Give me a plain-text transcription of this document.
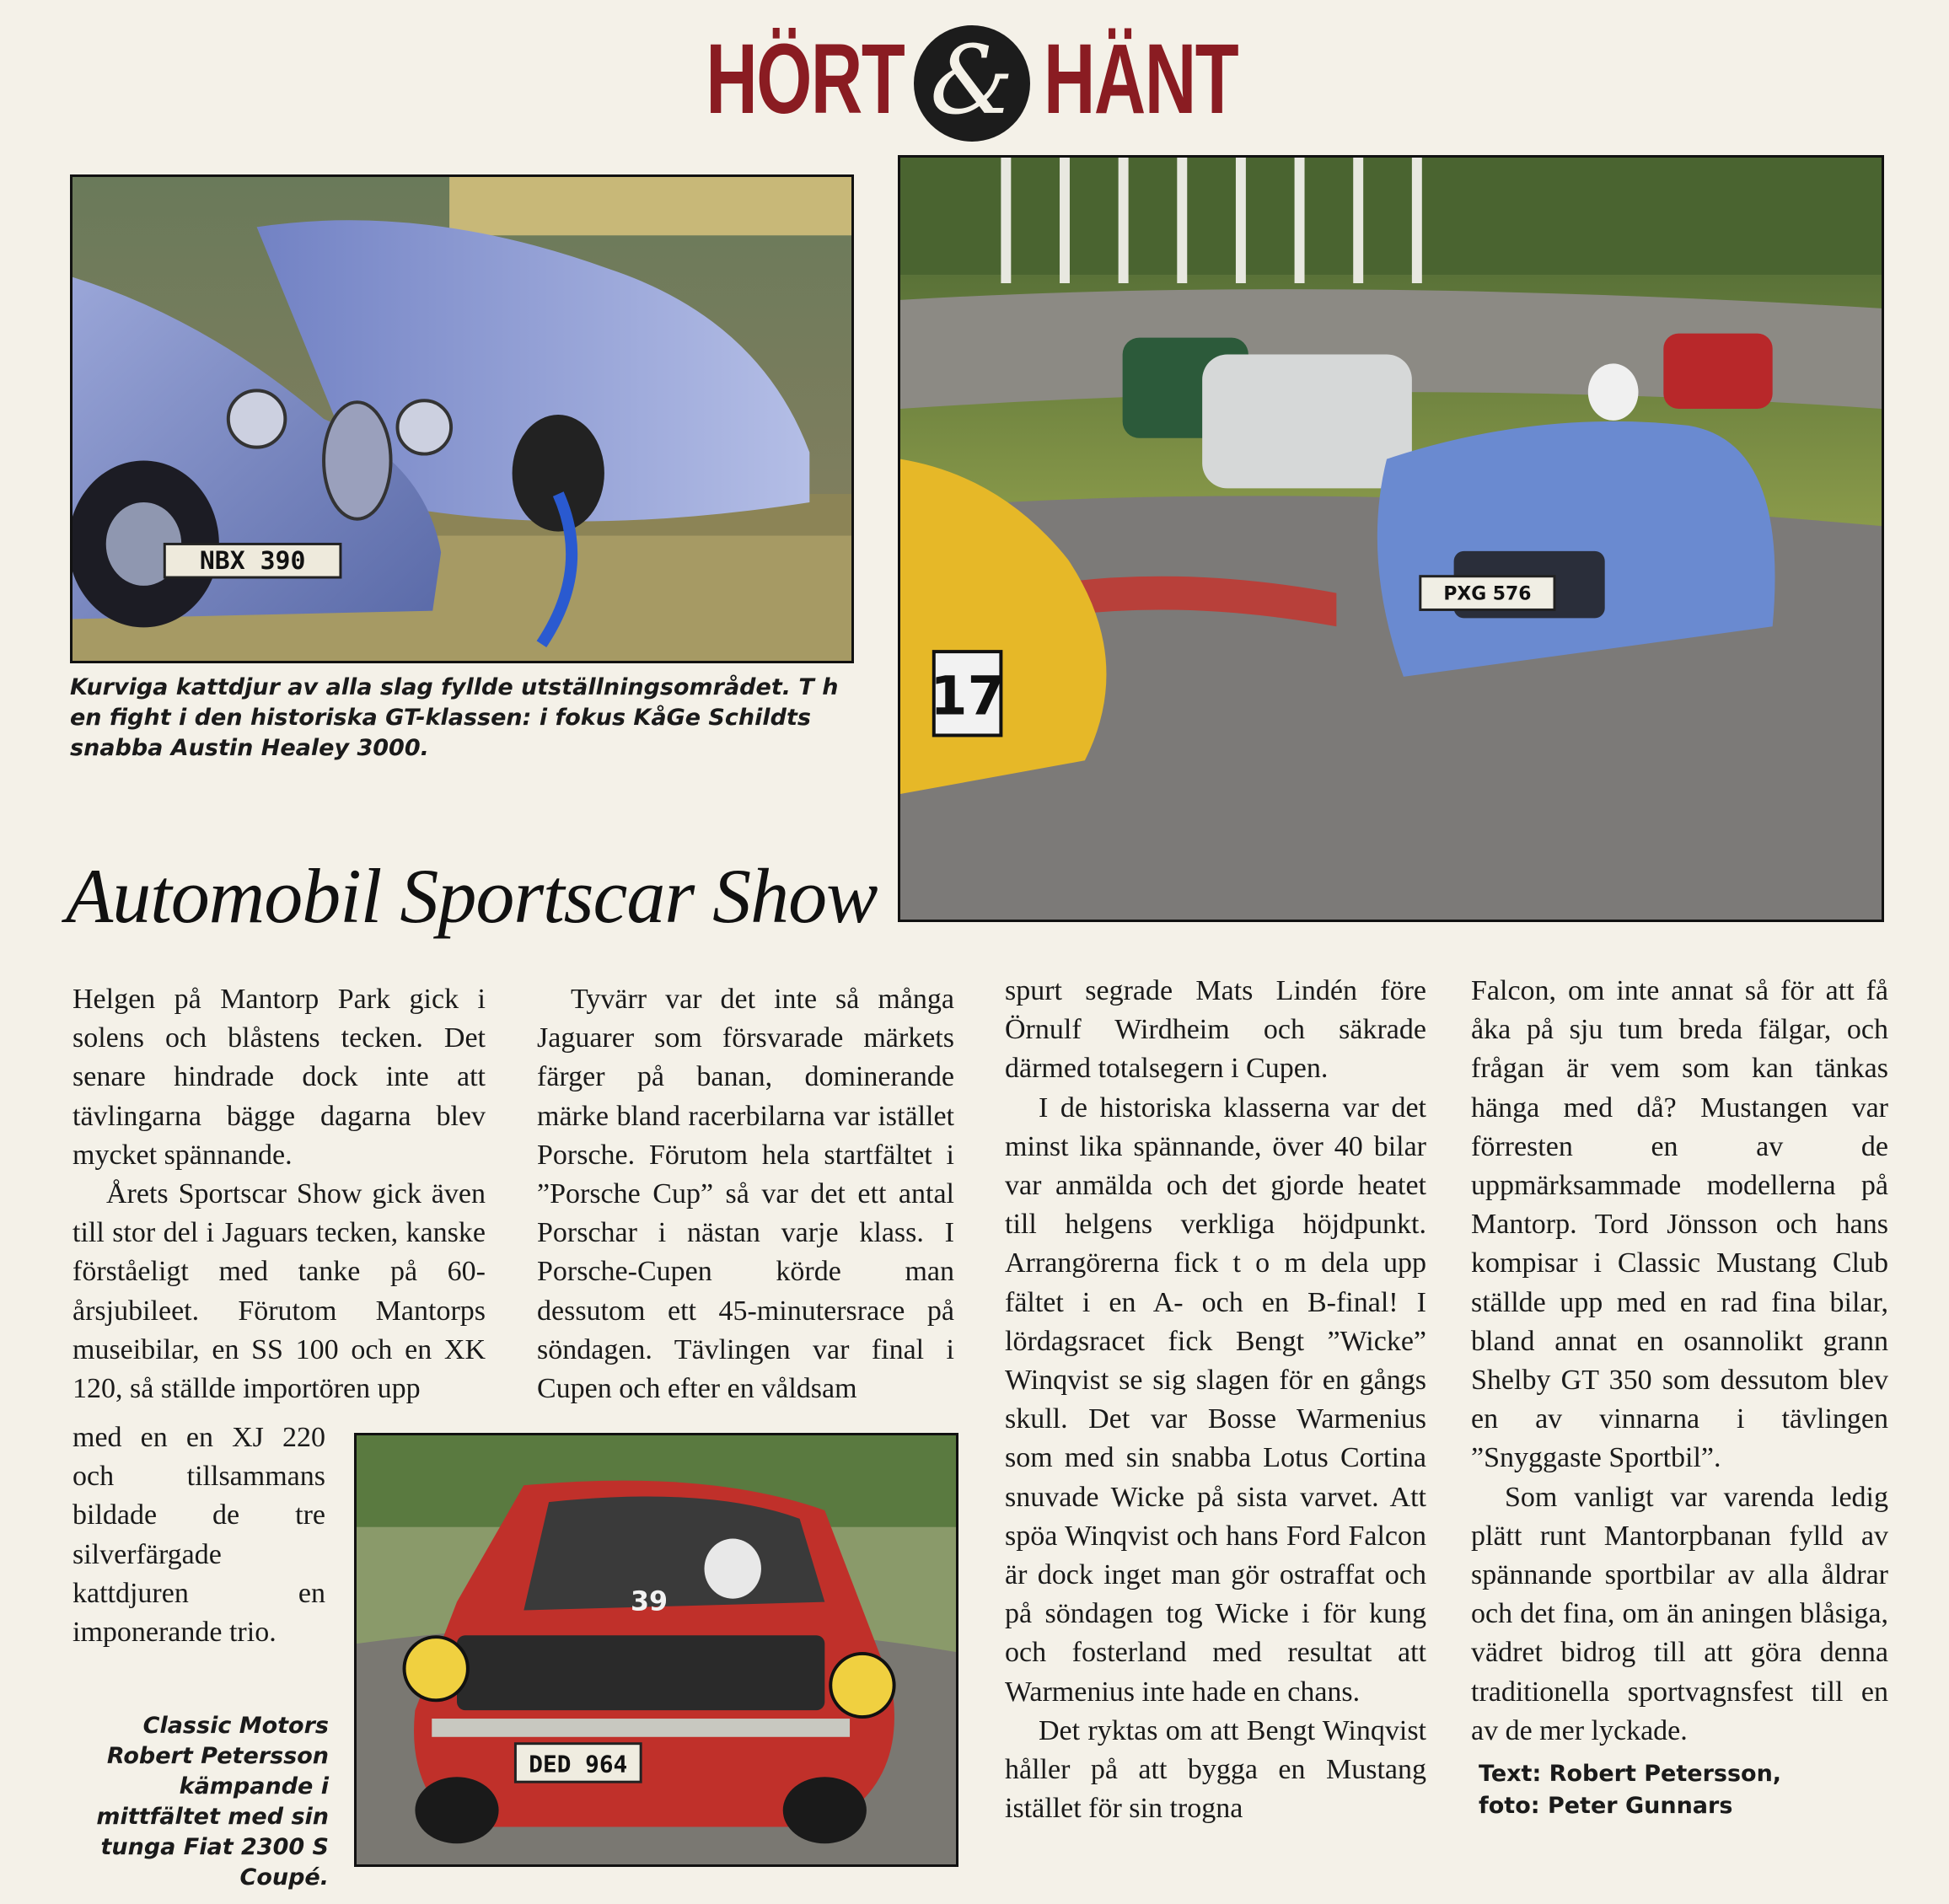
HÖRT & HÄNT
NBX 390
Kurviga kattdjur av alla slag fyllde utställningsområdet. T h en fight i den historiska GT-klassen: i fokus KåGe Schildts snabba Austin Healey 3000.
17
PXG 576
Automobil Sportscar Show

Helgen på Mantorp Park gick i solens och blåstens tecken. Det senare hindrade dock inte att tävlingarna bägge dagarna blev mycket spännande.

Årets Sportscar Show gick även till stor del i Jaguars tecken, kanske förståeligt med tanke på 60-årsjubileet. Förutom Mantorps museibilar, en SS 100 och en XK 120, så ställde importören upp

med en en XJ 220 och tillsammans bildade de tre silverfärgade kattdjuren en imponerande trio.

Tyvärr var det inte så många Jaguarer som försvarade märkets färger på banan, dominerande märke bland racerbilarna var istället Porsche. Förutom hela startfältet i ”Porsche Cup” så var det ett antal Porschar i nästan varje klass. I Porsche-Cupen körde man dessutom ett 45-minutersrace på söndagen. Tävlingen var final i Cupen och efter en våldsam

spurt segrade Mats Lindén före Örnulf Wirdheim och säkrade därmed totalsegern i Cupen.

I de historiska klasserna var det minst lika spännande, över 40 bilar var anmälda och det gjorde heatet till helgens verkliga höjdpunkt. Arrangörerna fick t o m dela upp fältet i en A- och en B-final! I lördagsracet fick Bengt ”Wicke” Winqvist se sig slagen för en gångs skull. Det var Bosse Warmenius som med sin snabba Lotus Cortina snuvade Wicke på sista varvet. Att spöa Winqvist och hans Ford Falcon är dock inget man gör ostraffat och på söndagen tog Wicke i för kung och fosterland med resultat att Warmenius inte hade en chans.

Det ryktas om att Bengt Winqvist håller på att bygga en Mustang istället för sin trogna

Falcon, om inte annat så för att få åka på sju tum breda fälgar, och frågan är vem som kan tänkas hänga med då? Mustangen var förresten en av de uppmärksammade modellerna på Mantorp. Tord Jönsson och hans kompisar i Classic Mustang Club ställde upp med en rad fina bilar, bland annat en osannolikt grann Shelby GT 350 som dessutom blev en av vinnarna i tävlingen ”Snyggaste Sportbil”.

Som vanligt var varenda ledig plätt runt Mantorpbanan fylld av spännande sportbilar av alla åldrar och det fina, om än aningen blåsiga, vädret bidrog till att göra denna traditionella sportvagnsfest till en av de mer lyckade.

Text: Robert Petersson,
foto: Peter Gunnars
DED 964
39
Classic Motors Robert Petersson kämpande i mittfältet med sin tunga Fiat 2300 S Coupé.
